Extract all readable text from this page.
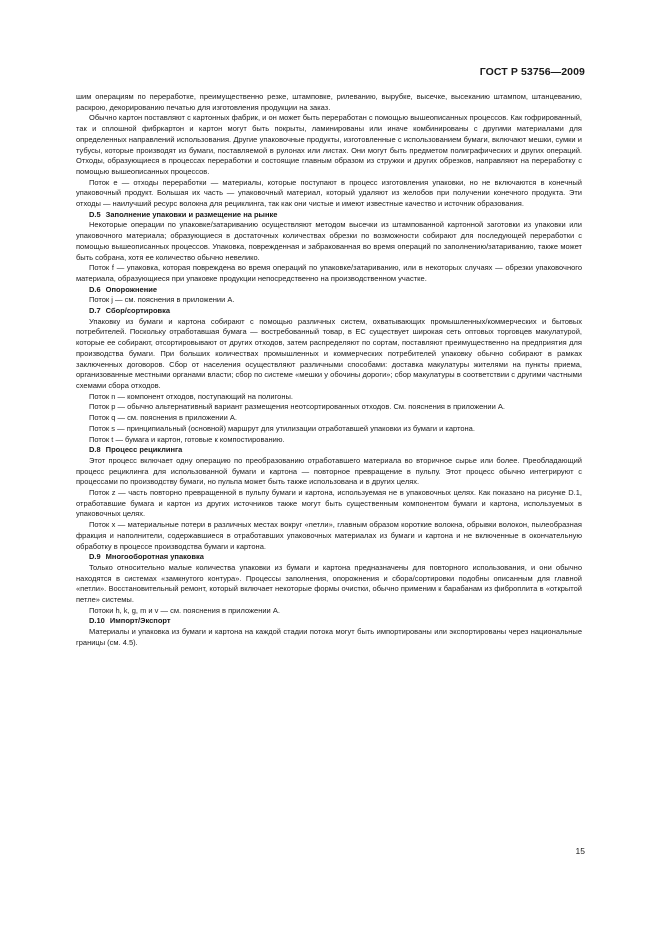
ГОСТ Р 53756—2009

шим операциям по переработке, преимущественно резке, штамповке, рилеванию, вырубке, высечке, высеканию штампом, штанцеванию, раскрою, декорированию печатью для изготовления продукции на заказ.

Обычно картон поставляют с картонных фабрик, и он может быть переработан с помощью вышеописанных процессов. Как гофрированный, так и сплошной фибркартон и картон могут быть покрыты, ламинированы или иначе комбинированы с другими материалами для определенных направлений использования. Другие упаковочные продукты, изготовленные с использованием бумаги, включают мешки, сумки и тубусы, которые производят из бумаги, поставляемой в рулонах или листах. Они могут быть предметом полиграфических и других операций. Отходы, образующиеся в процессах переработки и состоящие главным образом из стружки и других обрезков, направляют на переработку с помощью вышеописанных процессов.

Поток е — отходы переработки — материалы, которые поступают в процесс изготовления упаковки, но не включаются в конечный упаковочный продукт. Большая их часть — упаковочный материал, который удаляют из желобов при получении конечного продукта. Эти отходы — наилучший ресурс волокна для рециклинга, так как они чистые и имеют известные качество и источник образования.

D.5 Заполнение упаковки и размещение на рынке

Некоторые операции по упаковке/затариванию осуществляют методом высечки из штампованной картонной заготовки из упаковки или упаковочного материала; образующиеся в достаточных количествах обрезки по возможности собирают для последующей переработки с помощью вышеописанных процессов. Упаковка, поврежденная и забракованная во время операций по заполнению/затариванию, также может быть собрана, хотя ее количество обычно невелико.

Поток f — упаковка, которая повреждена во время операций по упаковке/затариванию, или в некоторых случаях — обрезки упаковочного материала, образующиеся при упаковке продукции непосредственно на производственном участке.

D.6 Опорожнение

Поток j — см. пояснения в приложении А.

D.7 Сбор/сортировка

Упаковку из бумаги и картона собирают с помощью различных систем, охватывающих промышленных/коммерческих и бытовых потребителей. Поскольку отработавшая бумага — востребованный товар, в ЕС существует широкая сеть оптовых торговцев макулатурой, которые ее собирают, отсортировывают от других отходов, затем распределяют по сортам, поставляют преимущественно на предприятия для производства бумаги. При больших количествах промышленных и коммерческих потребителей упаковку обычно собирают в рамках заключенных договоров. Сбор от населения осуществляют различными способами: доставка макулатуры жителями на пункты приема, организованные местными органами власти; сбор по системе «мешки у обочины дороги»; сбор макулатуры в соответствии с другими частными схемами сбора отходов.

Поток n — компонент отходов, поступающий на полигоны.

Поток p — обычно альтернативный вариант размещения неотсортированных отходов. См. пояснения в приложении А.

Поток q — см. пояснения в приложении А.

Поток s — принципиальный (основной) маршрут для утилизации отработавшей упаковки из бумаги и картона.

Поток t — бумага и картон, готовые к компостированию.

D.8 Процесс рециклинга

Этот процесс включает одну операцию по преобразованию отработавшего материала во вторичное сырье или более. Преобладающий процесс рециклинга для использованной бумаги и картона — повторное превращение в пульпу. Этот процесс обычно интегрируют с процессами по производству бумаги, но пульпа может быть также использована и в других целях.

Поток z — часть повторно превращенной в пульпу бумаги и картона, используемая не в упаковочных целях. Как показано на рисунке D.1, отработавшие бумага и картон из других источников также могут быть существенным компонентом бумаги и картона, используемых в упаковочных целях.

Поток x — материальные потери в различных местах вокруг «петли», главным образом короткие волокна, обрывки волокон, пылеобразная фракция и наполнители, содержавшиеся в отработавших упаковочных материалах из бумаги и картона и не включенные в окончательную обработку в процессе производства бумаги и картона.

D.9 Многооборотная упаковка

Только относительно малые количества упаковки из бумаги и картона предназначены для повторного использования, и они обычно находятся в системах «замкнутого контура». Процессы заполнения, опорожнения и сбора/сортировки подобны описанным для главной «петли». Восстановительный ремонт, который включает некоторые формы очистки, обычно применим к барабанам из фиброплита в «открытой петле» системы.

Потоки h, k, g, m и v — см. пояснения в приложении А.

D.10 Импорт/Экспорт

Материалы и упаковка из бумаги и картона на каждой стадии потока могут быть импортированы или экспортированы через национальные границы (см. 4.5).

15
